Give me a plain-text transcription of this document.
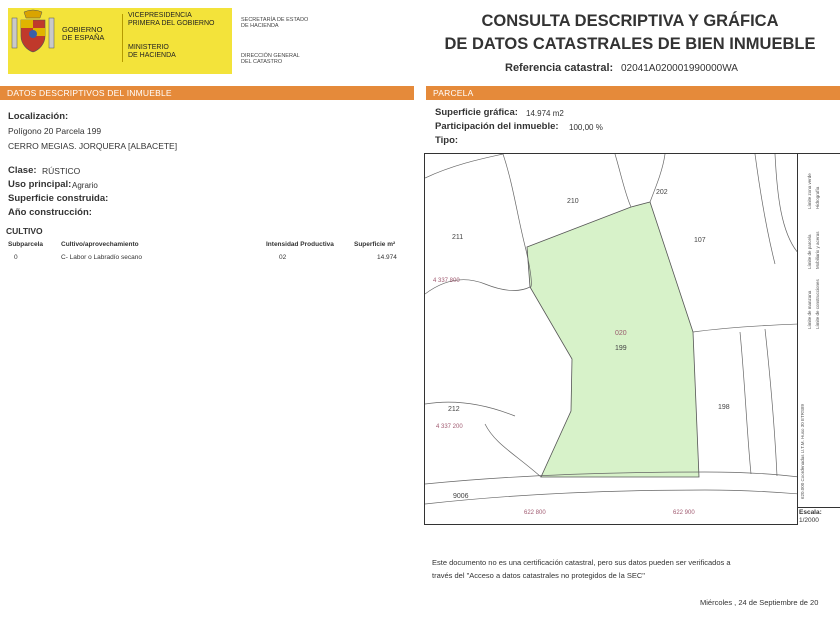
GOBIERNO
DE ESPAÑA
VICEPRESIDENCIA
PRIMERA DEL GOBIERNO
MINISTERIO
DE HACIENDA
SECRETARÍA DE ESTADO
DE HACIENDA
DIRECCIÓN GENERAL
DEL CATASTRO
CONSULTA DESCRIPTIVA Y GRÁFICA
DE DATOS CATASTRALES DE BIEN INMUEBLE
Referencia catastral: 02041A020001990000WA
DATOS DESCRIPTIVOS DEL INMUEBLE
Localización:
Polígono 20 Parcela 199
CERRO MEGIAS. JORQUERA [ALBACETE]
Clase: RÚSTICO
Uso principal: Agrario
Superficie construida:
Año construcción:
CULTIVO
Subparcela	Cultivo/aprovechamiento	Intensidad Productiva	Superficie m²
0	C- Labor o Labradío secano	02	14.974
PARCELA
Superficie gráfica: 14.974 m2
Participación del inmueble: 100,00 %
Tipo:
210
202
107
211
4 337 800
020
199
212
4 337 200
198
9006
622 800	622 900
620.000 Coordenadas U.T.M. Huso 30 ETRS89
Límite de manzana
Límite de parcela
Límite de construcciones
Mobiliario y aceras
Límite zona verde Hidrografía
Escala:
1/2000
Este documento no es una certificación catastral, pero sus datos pueden ser verificados a
través del "Acceso a datos catastrales no protegidos de la SEC"
Miércoles , 24 de Septiembre de 20
